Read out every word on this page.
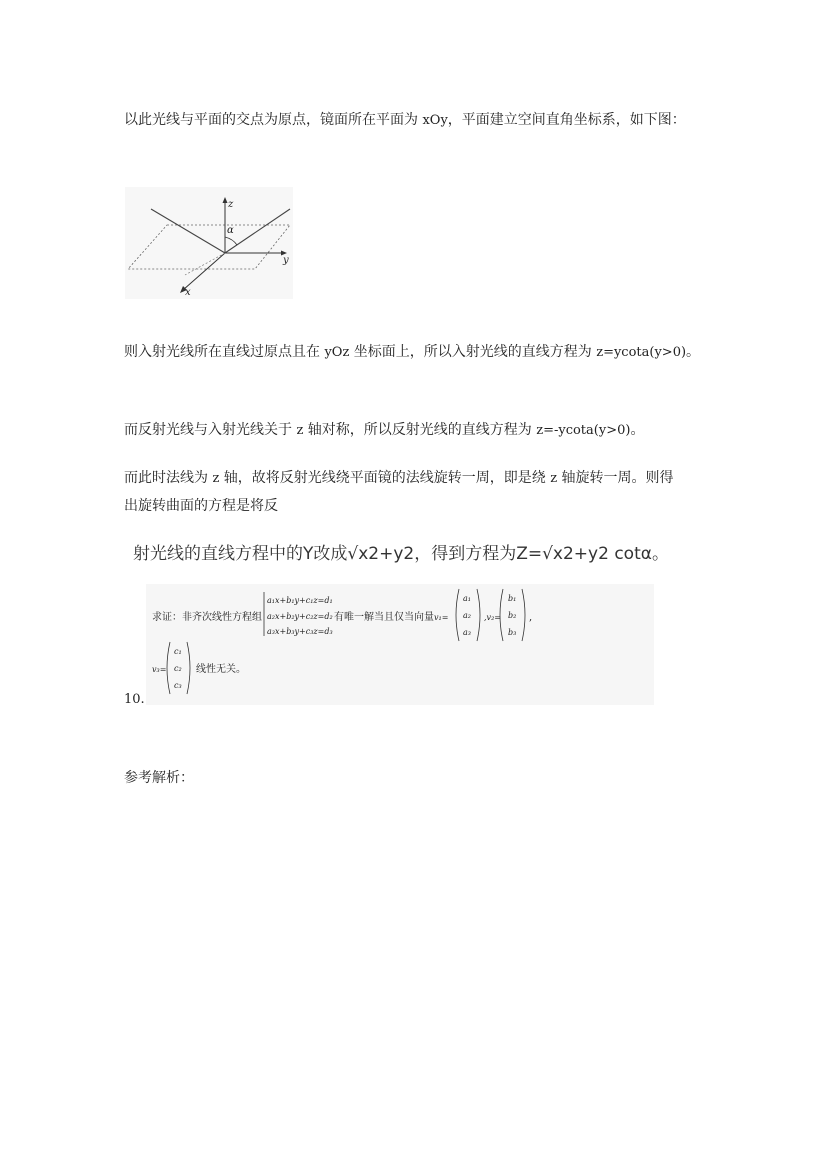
以此光线与平面的交点为原点，镜面所在平面为 xOy，平面建立空间直角坐标系，如下图：
z
y
x
α
则入射光线所在直线过原点且在 yOz 坐标面上，所以入射光线的直线方程为 z=ycota(y>0)。
而反射光线与入射光线关于 z 轴对称，所以反射光线的直线方程为 z=-ycota(y>0)。
而此时法线为 z 轴，故将反射光线绕平面镜的法线旋转一周，即是绕 z 轴旋转一周。则得
出旋转曲面的方程是将反
射光线的直线方程中的Y改成√x2+y2，得到方程为Z=√x2+y2 cotα。
求证：非齐次线性方程组
a₁x+b₁y+c₁z=d₁
a₂x+b₂y+c₂z=d₂
a₃x+b₃y+c₃z=d₃
有唯一解当且仅当向量 v₁=
a₁
a₂
a₃
,v₂=
b₁
b₂
b₃
,
v₃=
c₁
c₂
c₃
线性无关。
10.
参考解析：
